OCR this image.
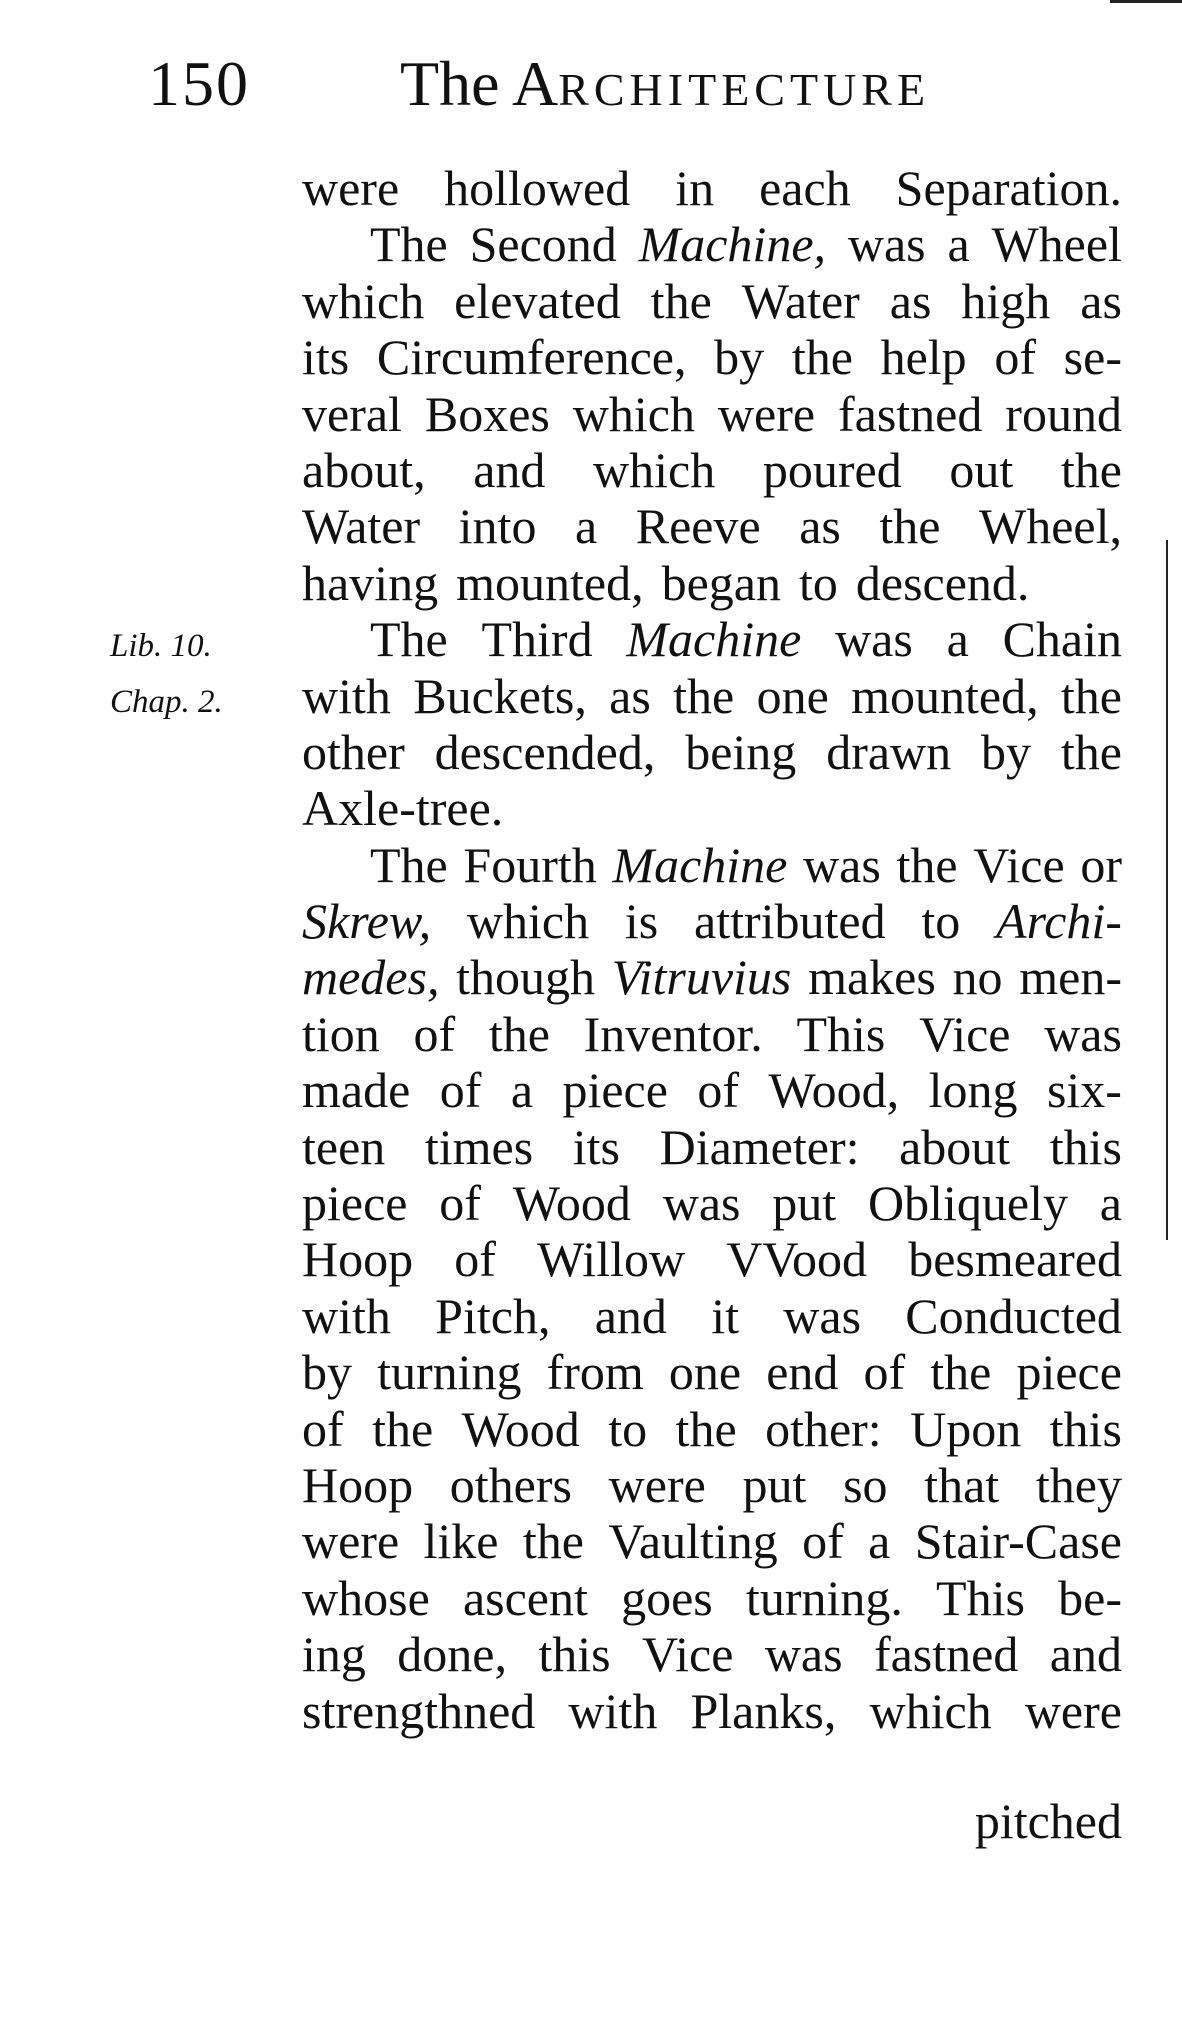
150 The ARCHITECTURE
Lib. 10.
Chap. 2.
were hollowed in each Separation.
The Second Machine, was a Wheel
which elevated the Water as high as
its Circumference, by the help of se-
veral Boxes which were fastned round
about, and which poured out the
Water into a Reeve as the Wheel,
having mounted, began to descend.
The Third Machine was a Chain
with Buckets, as the one mounted, the
other descended, being drawn by the
Axle-tree.
The Fourth Machine was the Vice or
Skrew, which is attributed to Archi-
medes, though Vitruvius makes no men-
tion of the Inventor. This Vice was
made of a piece of Wood, long six-
teen times its Diameter: about this
piece of Wood was put Obliquely a
Hoop of Willow VVood besmeared
with Pitch, and it was Conducted
by turning from one end of the piece
of the Wood to the other: Upon this
Hoop others were put so that they
were like the Vaulting of a Stair-Case
whose ascent goes turning. This be-
ing done, this Vice was fastned and
strengthned with Planks, which were
pitched
